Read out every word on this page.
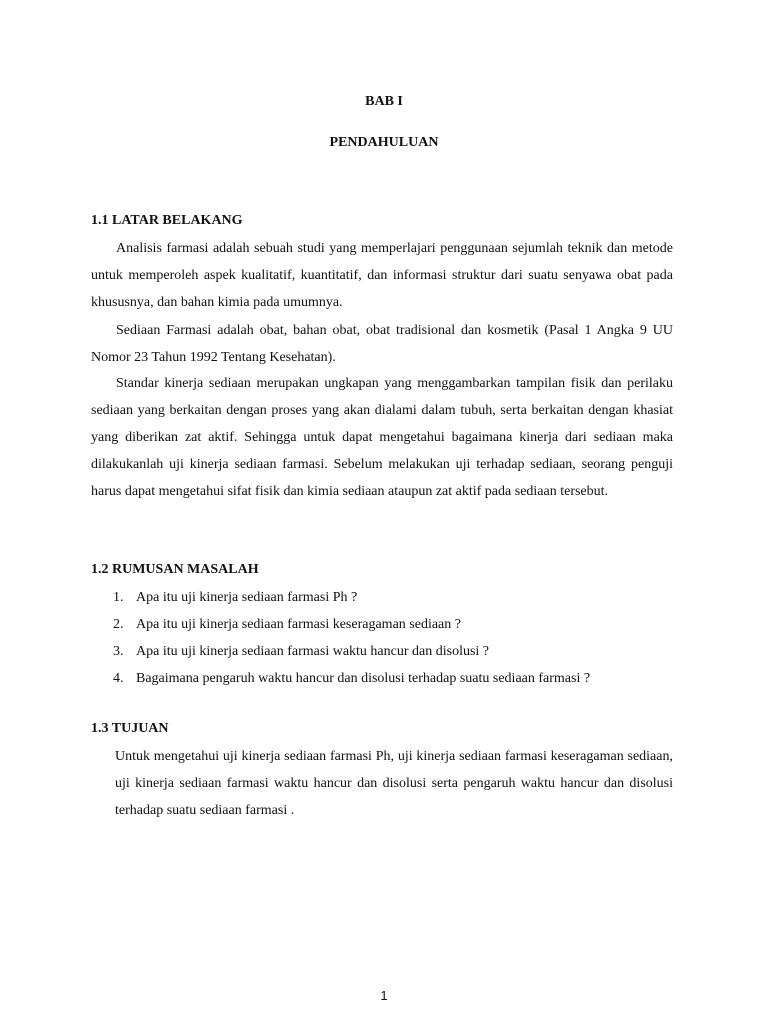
BAB I
PENDAHULUAN
1.1 LATAR BELAKANG

Analisis farmasi adalah sebuah studi yang memperlajari penggunaan sejumlah teknik dan metode untuk memperoleh aspek kualitatif, kuantitatif, dan informasi struktur dari suatu senyawa obat pada khususnya, dan bahan kimia pada umumnya.

Sediaan Farmasi adalah obat, bahan obat, obat tradisional dan kosmetik (Pasal 1 Angka 9 UU Nomor 23 Tahun 1992 Tentang Kesehatan).

Standar kinerja sediaan merupakan ungkapan yang menggambarkan tampilan fisik dan perilaku sediaan yang berkaitan dengan proses yang akan dialami dalam tubuh, serta berkaitan dengan khasiat yang diberikan zat aktif. Sehingga untuk dapat mengetahui bagaimana kinerja dari sediaan maka dilakukanlah uji kinerja sediaan farmasi. Sebelum melakukan uji terhadap sediaan, seorang penguji harus dapat mengetahui sifat fisik dan kimia sediaan ataupun zat aktif pada sediaan tersebut.

1.2 RUMUSAN MASALAH
1. Apa itu uji kinerja sediaan farmasi Ph ?
2. Apa itu uji kinerja sediaan farmasi keseragaman sediaan ?
3. Apa itu uji kinerja sediaan farmasi waktu hancur dan disolusi ?
4. Bagaimana pengaruh waktu hancur dan disolusi terhadap suatu sediaan farmasi ?
1.3 TUJUAN

Untuk mengetahui uji kinerja sediaan farmasi Ph, uji kinerja sediaan farmasi keseragaman sediaan, uji kinerja sediaan farmasi waktu hancur dan disolusi serta pengaruh waktu hancur dan disolusi terhadap suatu sediaan farmasi .

1
